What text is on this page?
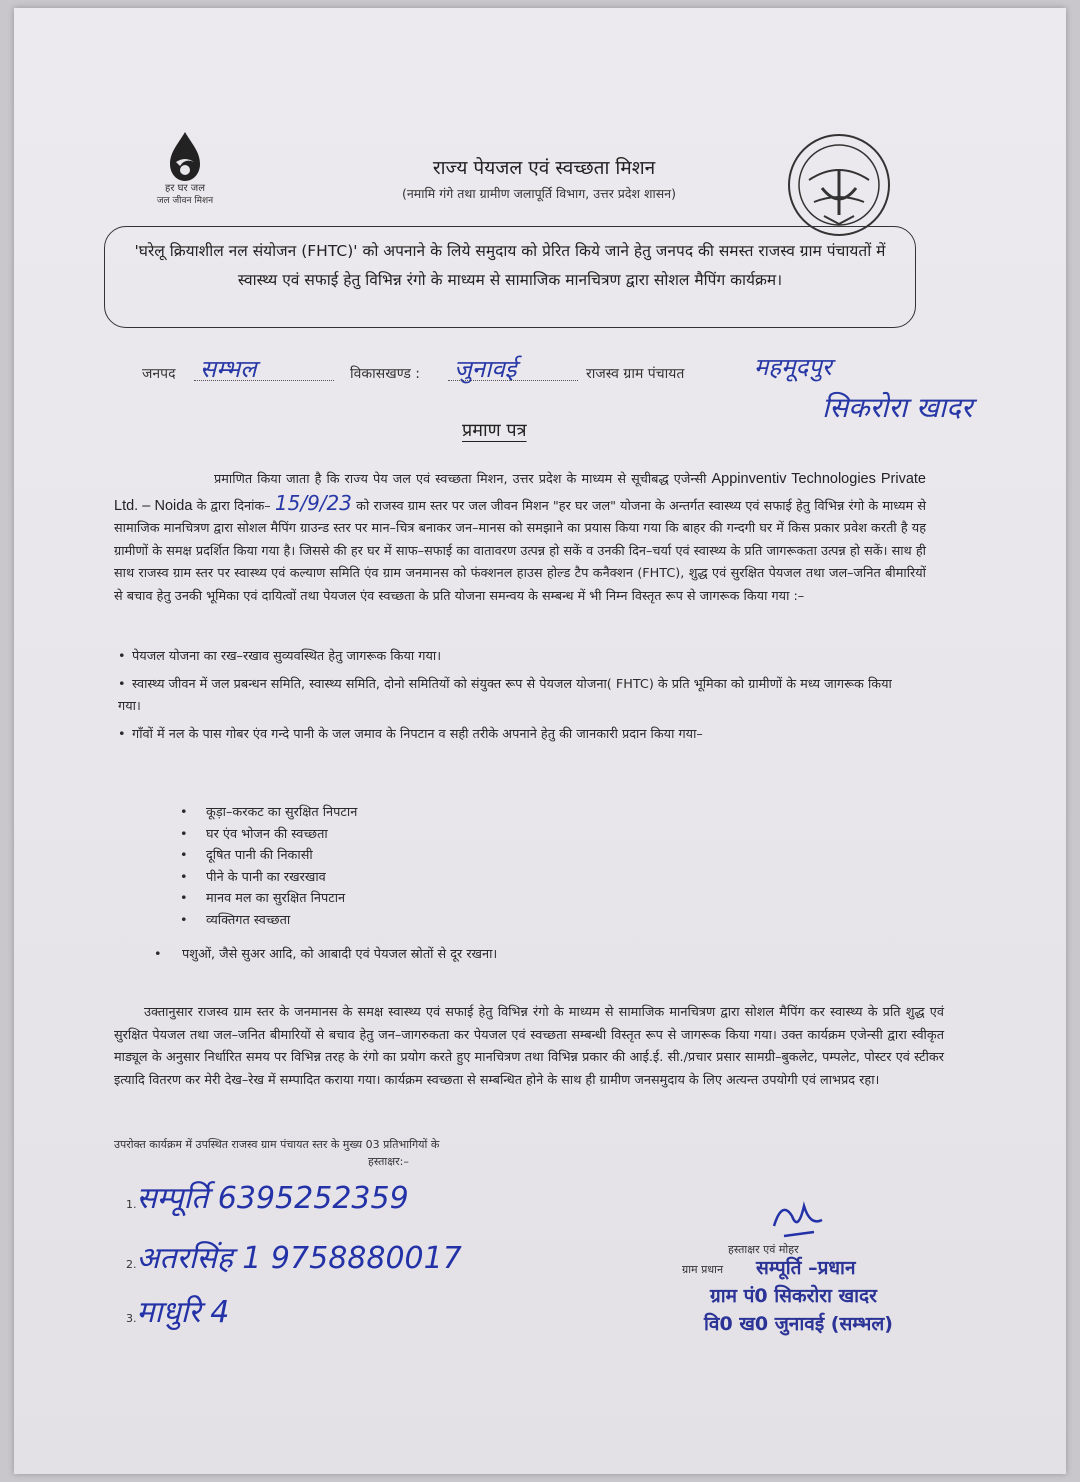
हर घर जल
जल जीवन मिशन
राज्य पेयजल एवं स्वच्छता मिशन
(नमामि गंगे तथा ग्रामीण जलापूर्ति विभाग, उत्तर प्रदेश शासन)
'घरेलू क्रियाशील नल संयोजन (FHTC)' को अपनाने के लिये समुदाय को प्रेरित किये जाने हेतु जनपद की समस्त राजस्व ग्राम पंचायतों में स्वास्थ्य एवं सफाई हेतु विभिन्न रंगो के माध्यम से सामाजिक मानचित्रण द्वारा सोशल मैपिंग कार्यक्रम।
जनपद सम्भल	विकासखण्ड : जुनावई	राजस्व ग्राम पंचायत	महमूदपुर
सिकरोरा खादर
प्रमाण पत्र
प्रमाणित किया जाता है कि राज्य पेय जल एवं स्वच्छता मिशन, उत्तर प्रदेश के माध्यम से सूचीबद्ध एजेन्सी Appinventiv Technologies Private Ltd. – Noida के द्वारा दिनांक– 15/9/23 को राजस्व ग्राम स्तर पर जल जीवन मिशन "हर घर जल" योजना के अन्तर्गत स्वास्थ्य एवं सफाई हेतु विभिन्न रंगो के माध्यम से सामाजिक मानचित्रण द्वारा सोशल मैपिंग ग्राउन्ड स्तर पर मान–चित्र बनाकर जन–मानस को समझाने का प्रयास किया गया कि बाहर की गन्दगी घर में किस प्रकार प्रवेश करती है यह ग्रामीणों के समक्ष प्रदर्शित किया गया है। जिससे की हर घर में साफ–सफाई का वातावरण उत्पन्न हो सकें व उनकी दिन–चर्या एवं स्वास्थ्य के प्रति जागरूकता उत्पन्न हो सकें। साथ ही साथ राजस्व ग्राम स्तर पर स्वास्थ्य एवं कल्याण समिति एंव ग्राम जनमानस को फंक्शनल हाउस होल्ड टैप कनैक्शन (FHTC), शुद्ध एवं सुरक्षित पेयजल तथा जल–जनित बीमारियों से बचाव हेतु उनकी भूमिका एवं दायित्वों तथा पेयजल एंव स्वच्छता के प्रति योजना समन्वय के सम्बन्ध में भी निम्न विस्तृत रूप से जागरूक किया गया :–
• पेयजल योजना का रख–रखाव सुव्यवस्थित हेतु जागरूक किया गया।
• स्वास्थ्य जीवन में जल प्रबन्धन समिति, स्वास्थ्य समिति, दोनो समितियों को संयुक्त रूप से पेयजल योजना( FHTC) के प्रति भूमिका को ग्रामीणों के मध्य जागरूक किया गया।
• गाँवों में नल के पास गोबर एंव गन्दे पानी के जल जमाव के निपटान व सही तरीके अपनाने हेतु की जानकारी प्रदान किया गया–
• कूड़ा–करकट का सुरक्षित निपटान
• घर एंव भोजन की स्वच्छता
• दूषित पानी की निकासी
• पीने के पानी का रखरखाव
• मानव मल का सुरक्षित निपटान
• व्यक्तिगत स्वच्छता
• पशुओं, जैसे सुअर आदि, को आबादी एवं पेयजल स्रोतों से दूर रखना।
उक्तानुसार राजस्व ग्राम स्तर के जनमानस के समक्ष स्वास्थ्य एवं सफाई हेतु विभिन्न रंगो के माध्यम से सामाजिक मानचित्रण द्वारा सोशल मैपिंग कर स्वास्थ्य के प्रति शुद्ध एवं सुरक्षित पेयजल तथा जल–जनित बीमारियों से बचाव हेतु जन–जागरुकता कर पेयजल एवं स्वच्छता सम्बन्धी विस्तृत रूप से जागरूक किया गया। उक्त कार्यक्रम एजेन्सी द्वारा स्वीकृत माड्यूल के अनुसार निर्धारित समय पर विभिन्न तरह के रंगो का प्रयोग करते हुए मानचित्रण तथा विभिन्न प्रकार की आई.ई. सी./प्रचार प्रसार सामग्री–बुकलेट, पम्पलेट, पोस्टर एवं स्टीकर इत्यादि वितरण कर मेरी देख–रेख में सम्पादित कराया गया। कार्यक्रम स्वच्छता से सम्बन्धित होने के साथ ही ग्रामीण जनसमुदाय के लिए अत्यन्त उपयोगी एवं लाभप्रद रहा।
उपरोक्त कार्यक्रम में उपस्थित राजस्व ग्राम पंचायत स्तर के मुख्य 03 प्रतिभागियों के
हस्ताक्षर:–
1.सम्पूर्ति 6395252359
2.अतरसिंह 1 9758880017
3.माधुरि 4
हस्ताक्षर एवं मोहर
ग्राम प्रधान सम्पूर्ति –प्रधान
ग्राम पं0 सिकरोरा खादर
वि0 ख0 जुनावई (सम्भल)
